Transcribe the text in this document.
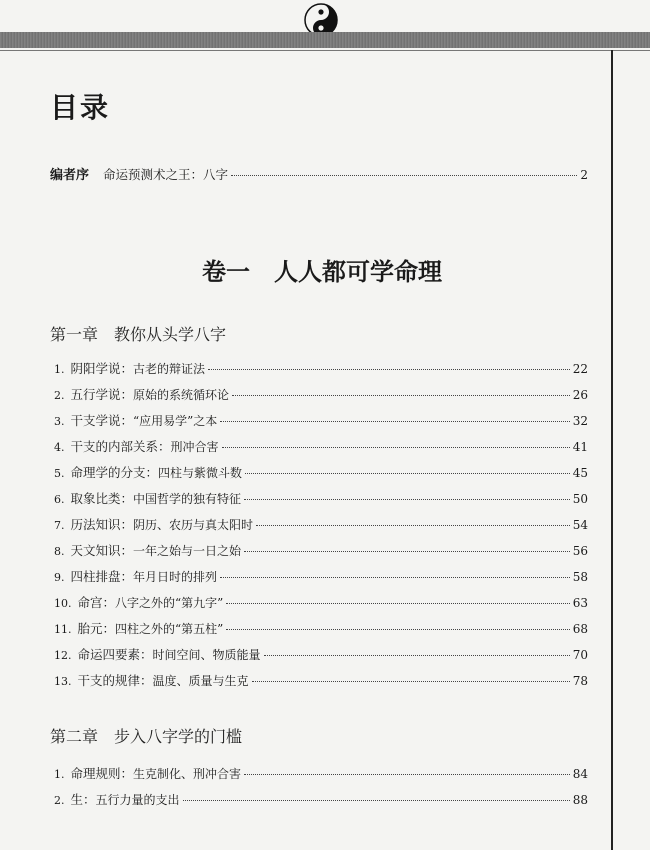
目录
编者序 命运预测术之王：八字	2
卷一　人人都可学命理
第一章　教你从头学八字
1. 阴阳学说： 古老的辩证法	22
2. 五行学说： 原始的系统循环论	26
3. 干支学说： “应用易学”之本	32
4. 干支的内部关系： 刑冲合害	41
5. 命理学的分支： 四柱与紫微斗数	45
6. 取象比类： 中国哲学的独有特征	50
7. 历法知识： 阴历、农历与真太阳时	54
8. 天文知识： 一年之始与一日之始	56
9. 四柱排盘： 年月日时的排列	58
10. 命宫： 八字之外的“第九字”	63
11. 胎元： 四柱之外的“第五柱”	68
12. 命运四要素： 时间空间、物质能量	70
13. 干支的规律： 温度、质量与生克	78
第二章　步入八字学的门槛
1. 命理规则： 生克制化、刑冲合害	84
2. 生： 五行力量的支出	88
